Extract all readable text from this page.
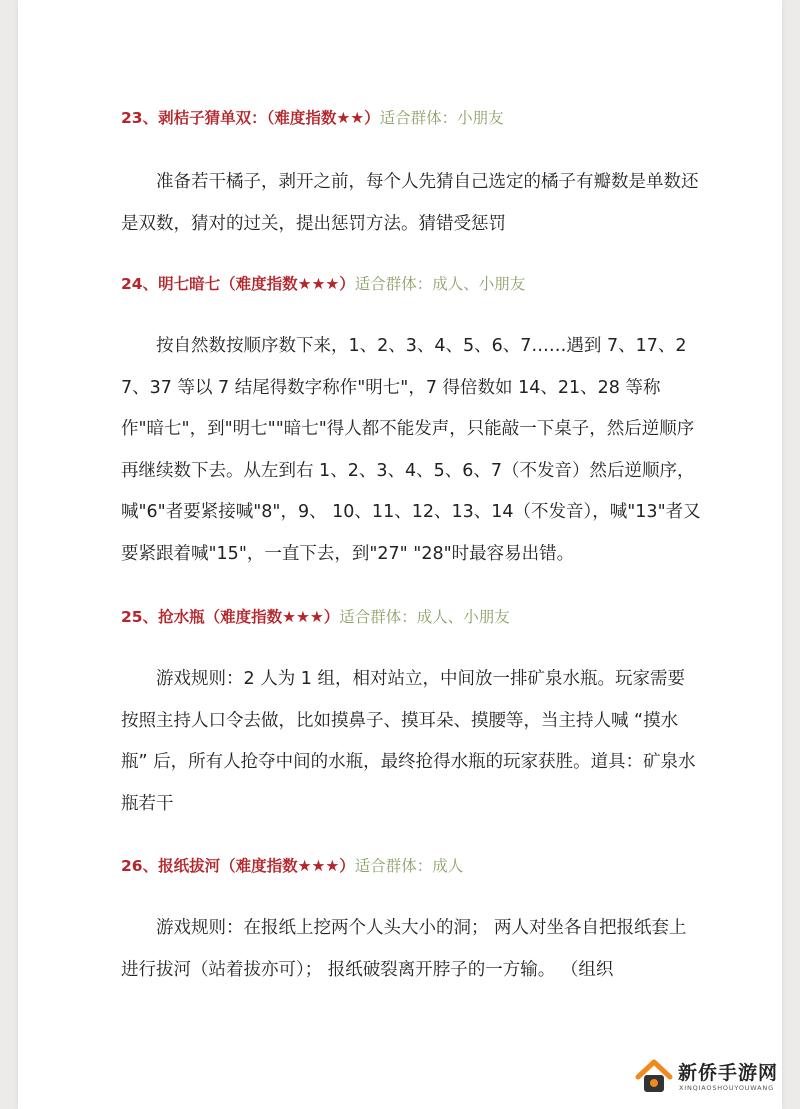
23、剥桔子猜单双：（难度指数★★）适合群体：小朋友

准备若干橘子，剥开之前，每个人先猜自己选定的橘子有瓣数是单数还是双数，猜对的过关，提出惩罚方法。猜错受惩罚

24、明七暗七（难度指数★★★）适合群体：成人、小朋友

按自然数按顺序数下来，1、2、3、4、5、6、7……遇到 7、17、27、37 等以 7 结尾得数字称作"明七"，7 得倍数如 14、21、28 等称作"暗七"，到"明七""暗七"得人都不能发声，只能敲一下桌子，然后逆顺序再继续数下去。从左到右 1、2、3、4、5、6、7（不发音）然后逆顺序，喊"6"者要紧接喊"8"，9、 10、11、12、13、14（不发音），喊"13"者又要紧跟着喊"15"，一直下去，到"27" "28"时最容易出错。

25、抢水瓶（难度指数★★★）适合群体：成人、小朋友

游戏规则：2 人为 1 组，相对站立，中间放一排矿泉水瓶。玩家需要按照主持人口令去做，比如摸鼻子、摸耳朵、摸腰等，当主持人喊 “摸水瓶” 后，所有人抢夺中间的水瓶，最终抢得水瓶的玩家获胜。道具：矿泉水瓶若干

26、报纸拔河（难度指数★★★）适合群体：成人

游戏规则：在报纸上挖两个人头大小的洞； 两人对坐各自把报纸套上进行拔河（站着拔亦可）； 报纸破裂离开脖子的一方输。 （组织

新侨手游网
XINQIAOSHOUYOUWANG
